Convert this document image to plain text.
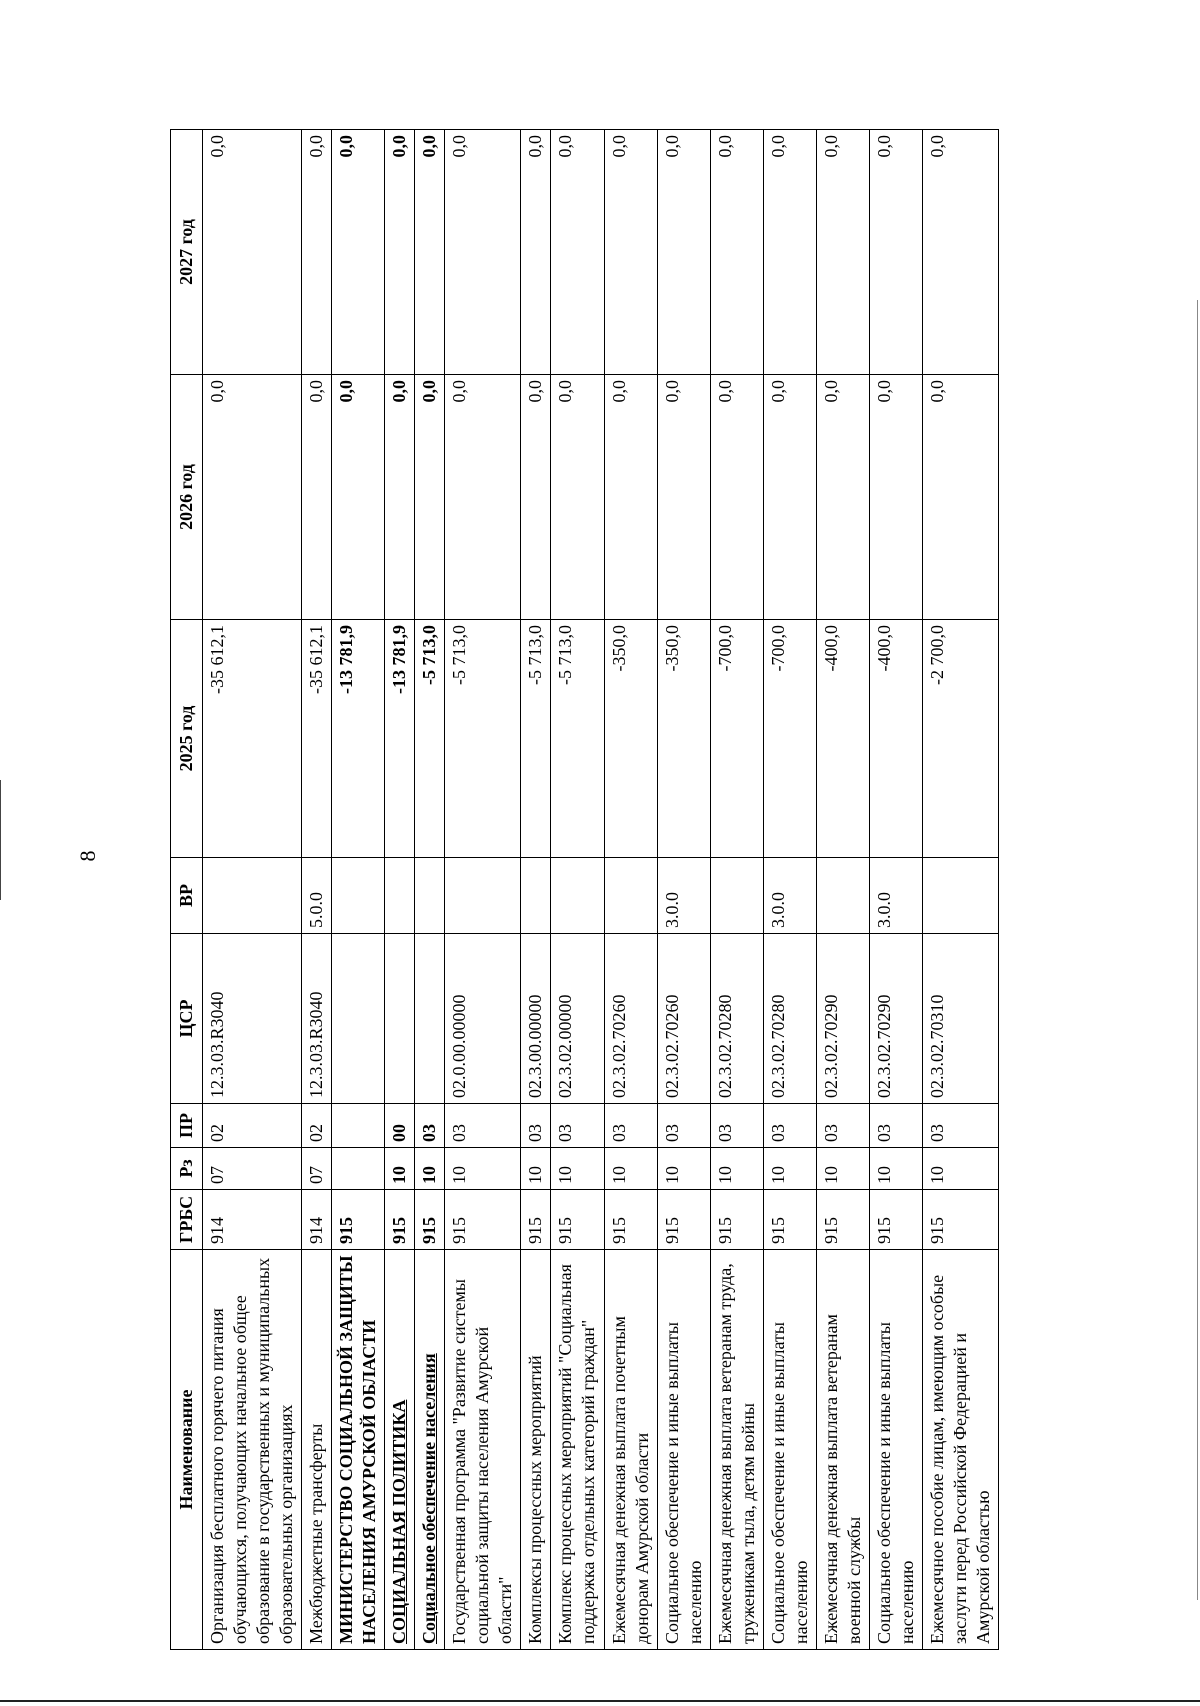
8
Наименование	ГРБС	Рз	ПР	ЦСР	ВР	2025 год	2026 год	2027 год
Организация бесплатного горячего питания обучающихся, получающих начальное общее образование в государственных и муниципальных образовательных организациях	914	07	02	12.3.03.R3040		-35 612,1	0,0	0,0
Межбюджетные трансферты	914	07	02	12.3.03.R3040	5.0.0	-35 612,1	0,0	0,0
МИНИСТЕРСТВО СОЦИАЛЬНОЙ ЗАЩИТЫ НАСЕЛЕНИЯ АМУРСКОЙ ОБЛАСТИ	915					-13 781,9	0,0	0,0
СОЦИАЛЬНАЯ ПОЛИТИКА	915	10	00			-13 781,9	0,0	0,0
Социальное обеспечение населения	915	10	03			-5 713,0	0,0	0,0
Государственная программа "Развитие системы социальной защиты населения Амурской области"	915	10	03	02.0.00.00000		-5 713,0	0,0	0,0
Комплексы процессных мероприятий	915	10	03	02.3.00.00000		-5 713,0	0,0	0,0
Комплекс процессных мероприятий "Социальная поддержка отдельных категорий граждан"	915	10	03	02.3.02.00000		-5 713,0	0,0	0,0
Ежемесячная денежная выплата почетным донорам Амурской области	915	10	03	02.3.02.70260		-350,0	0,0	0,0
Социальное обеспечение и иные выплаты населению	915	10	03	02.3.02.70260	3.0.0	-350,0	0,0	0,0
Ежемесячная денежная выплата ветеранам труда, труженикам тыла, детям войны	915	10	03	02.3.02.70280		-700,0	0,0	0,0
Социальное обеспечение и иные выплаты населению	915	10	03	02.3.02.70280	3.0.0	-700,0	0,0	0,0
Ежемесячная денежная выплата ветеранам военной службы	915	10	03	02.3.02.70290		-400,0	0,0	0,0
Социальное обеспечение и иные выплаты населению	915	10	03	02.3.02.70290	3.0.0	-400,0	0,0	0,0
Ежемесячное пособие лицам, имеющим особые заслуги перед Российской Федерацией и Амурской областью	915	10	03	02.3.02.70310		-2 700,0	0,0	0,0
